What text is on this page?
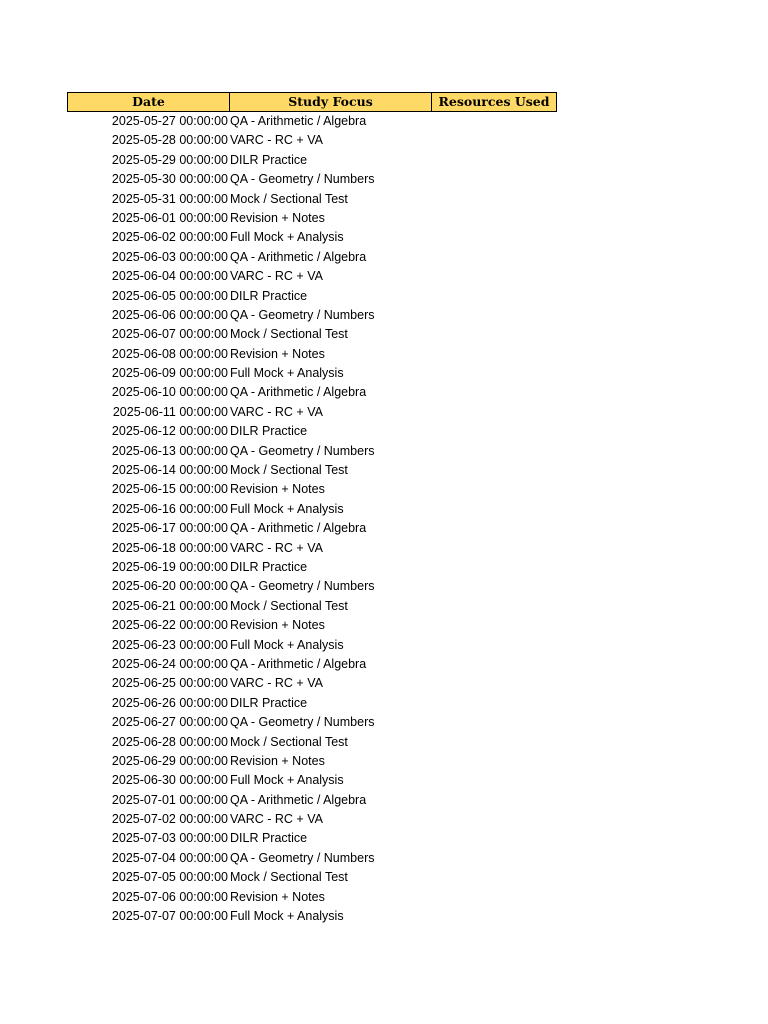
Date	Study Focus	Resources Used
2025-05-27 00:00:00 QA - Arithmetic / Algebra
2025-05-28 00:00:00 VARC - RC + VA
2025-05-29 00:00:00 DILR Practice
2025-05-30 00:00:00 QA - Geometry / Numbers
2025-05-31 00:00:00 Mock / Sectional Test
2025-06-01 00:00:00 Revision + Notes
2025-06-02 00:00:00 Full Mock + Analysis
2025-06-03 00:00:00 QA - Arithmetic / Algebra
2025-06-04 00:00:00 VARC - RC + VA
2025-06-05 00:00:00 DILR Practice
2025-06-06 00:00:00 QA - Geometry / Numbers
2025-06-07 00:00:00 Mock / Sectional Test
2025-06-08 00:00:00 Revision + Notes
2025-06-09 00:00:00 Full Mock + Analysis
2025-06-10 00:00:00 QA - Arithmetic / Algebra
2025-06-11 00:00:00 VARC - RC + VA
2025-06-12 00:00:00 DILR Practice
2025-06-13 00:00:00 QA - Geometry / Numbers
2025-06-14 00:00:00 Mock / Sectional Test
2025-06-15 00:00:00 Revision + Notes
2025-06-16 00:00:00 Full Mock + Analysis
2025-06-17 00:00:00 QA - Arithmetic / Algebra
2025-06-18 00:00:00 VARC - RC + VA
2025-06-19 00:00:00 DILR Practice
2025-06-20 00:00:00 QA - Geometry / Numbers
2025-06-21 00:00:00 Mock / Sectional Test
2025-06-22 00:00:00 Revision + Notes
2025-06-23 00:00:00 Full Mock + Analysis
2025-06-24 00:00:00 QA - Arithmetic / Algebra
2025-06-25 00:00:00 VARC - RC + VA
2025-06-26 00:00:00 DILR Practice
2025-06-27 00:00:00 QA - Geometry / Numbers
2025-06-28 00:00:00 Mock / Sectional Test
2025-06-29 00:00:00 Revision + Notes
2025-06-30 00:00:00 Full Mock + Analysis
2025-07-01 00:00:00 QA - Arithmetic / Algebra
2025-07-02 00:00:00 VARC - RC + VA
2025-07-03 00:00:00 DILR Practice
2025-07-04 00:00:00 QA - Geometry / Numbers
2025-07-05 00:00:00 Mock / Sectional Test
2025-07-06 00:00:00 Revision + Notes
2025-07-07 00:00:00 Full Mock + Analysis
